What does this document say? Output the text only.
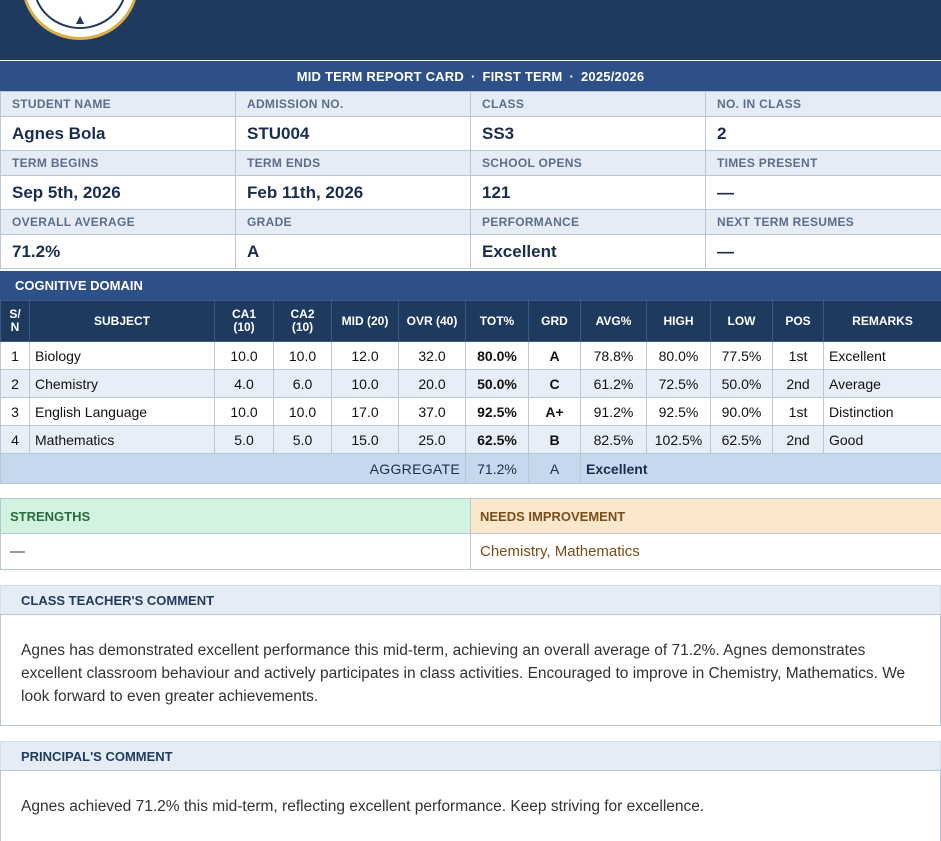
▲
MID TERM REPORT CARD · FIRST TERM · 2025/2026
STUDENT NAME	ADMISSION NO.	CLASS	NO. IN CLASS
Agnes Bola	STU004	SS3	2
TERM BEGINS	TERM ENDS	SCHOOL OPENS	TIMES PRESENT
Sep 5th, 2026	Feb 11th, 2026	121	—
OVERALL AVERAGE	GRADE	PERFORMANCE	NEXT TERM RESUMES
71.2%	A	Excellent	—
COGNITIVE DOMAIN
S/
N	SUBJECT	CA1
(10)	CA2
(10)	MID (20)	OVR (40)	TOT%	GRD	AVG%	HIGH	LOW	POS	REMARKS
1	Biology	10.0	10.0	12.0	32.0	80.0%	A	78.8%	80.0%	77.5%	1st	Excellent
2	Chemistry	4.0	6.0	10.0	20.0	50.0%	C	61.2%	72.5%	50.0%	2nd	Average
3	English Language	10.0	10.0	17.0	37.0	92.5%	A+	91.2%	92.5%	90.0%	1st	Distinction
4	Mathematics	5.0	5.0	15.0	25.0	62.5%	B	82.5%	102.5%	62.5%	2nd	Good
AGGREGATE						71.2%	A	Excellent				
STRENGTHS	NEEDS IMPROVEMENT
—	Chemistry, Mathematics
CLASS TEACHER'S COMMENT
Agnes has demonstrated excellent performance this mid-term, achieving an overall average of 71.2%. Agnes demonstrates excellent classroom behaviour and actively participates in class activities. Encouraged to improve in Chemistry, Mathematics. We look forward to even greater achievements.
PRINCIPAL'S COMMENT
Agnes achieved 71.2% this mid-term, reflecting excellent performance. Keep striving for excellence.
